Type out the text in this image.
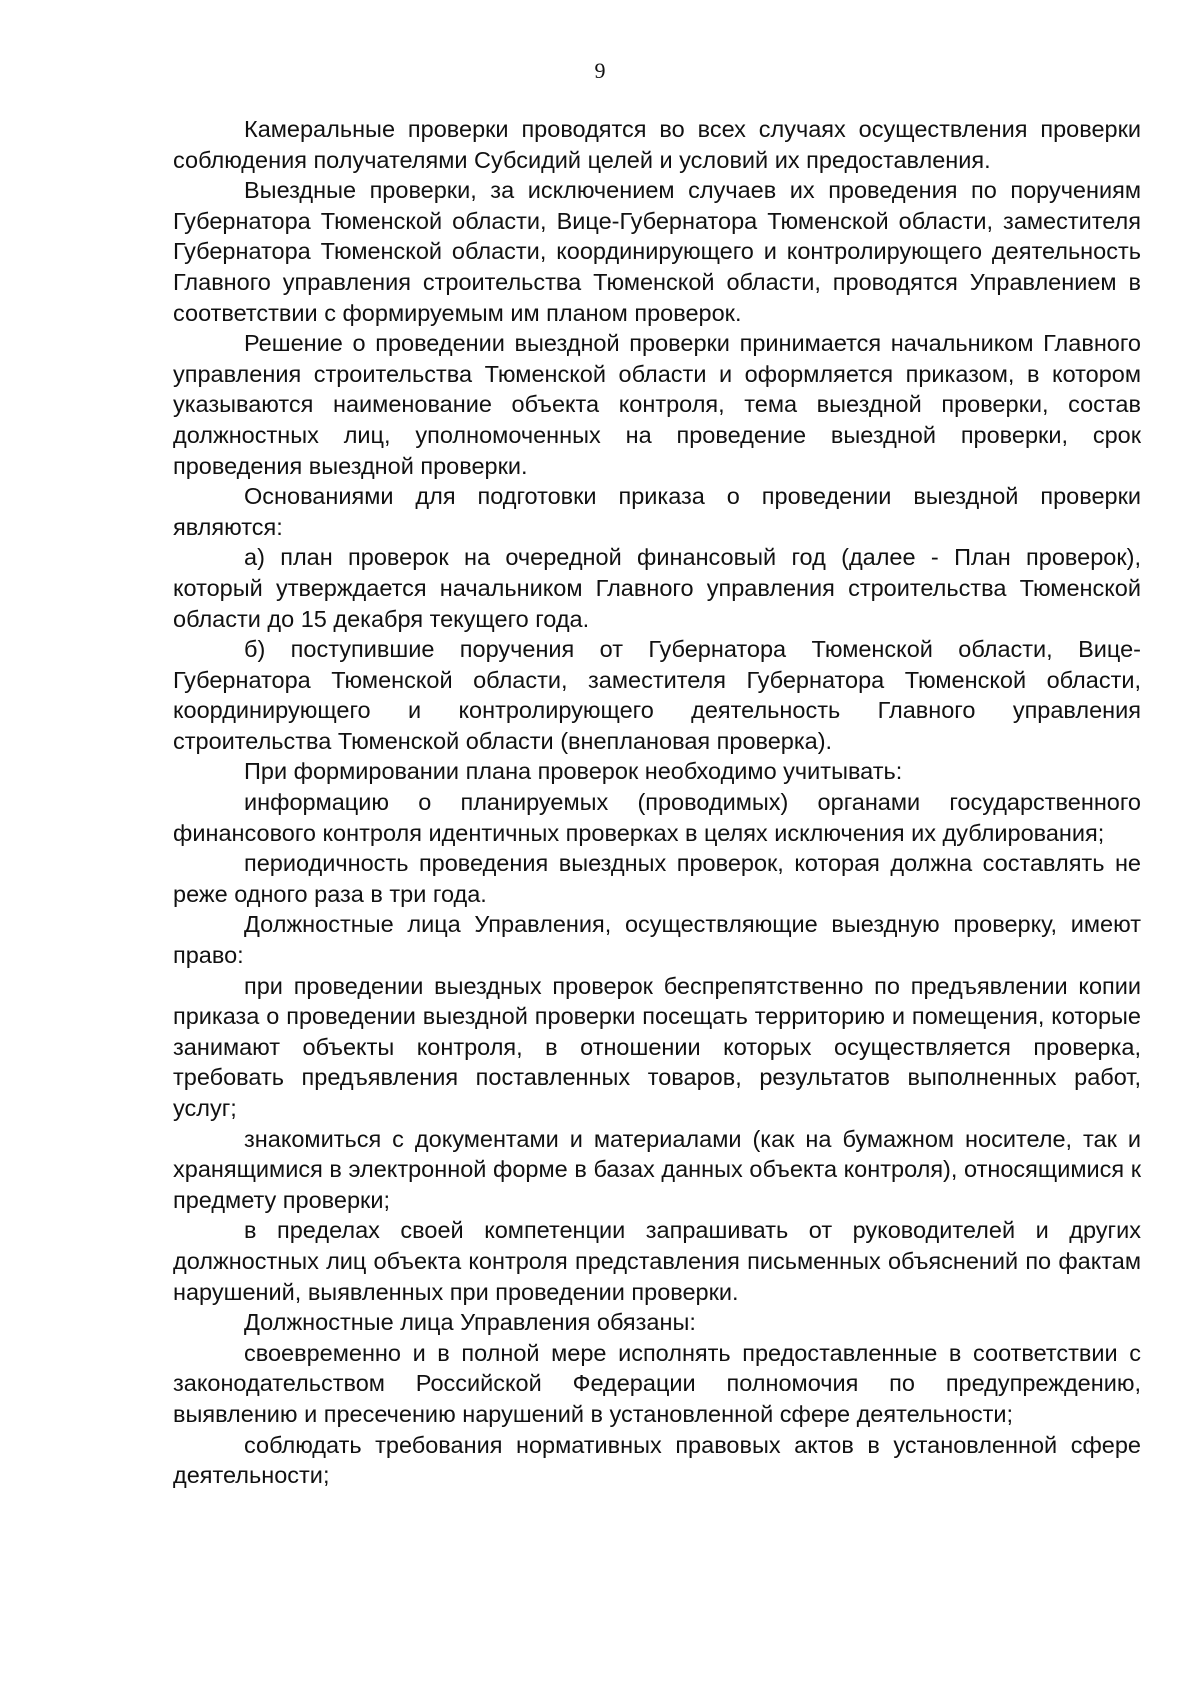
9

Камеральные проверки проводятся во всех случаях осуществления проверки соблюдения получателями Субсидий целей и условий их предоставления.

Выездные проверки, за исключением случаев их проведения по поручениям Губернатора Тюменской области, Вице-Губернатора Тюменской области, заместителя Губернатора Тюменской области, координирующего и контролирующего деятельность Главного управления строительства Тюменской области, проводятся Управлением в соответствии с формируемым им планом проверок.

Решение о проведении выездной проверки принимается начальником Главного управления строительства Тюменской области и оформляется приказом, в котором указываются наименование объекта контроля, тема выездной проверки, состав должностных лиц, уполномоченных на проведение выездной проверки, срок проведения выездной проверки.

Основаниями для подготовки приказа о проведении выездной проверки являются:

а) план проверок на очередной финансовый год (далее - План проверок), который утверждается начальником Главного управления строительства Тюменской области до 15 декабря текущего года.

б) поступившие поручения от Губернатора Тюменской области, Вице-Губернатора Тюменской области, заместителя Губернатора Тюменской области, координирующего и контролирующего деятельность Главного управления строительства Тюменской области (внеплановая проверка).

При формировании плана проверок необходимо учитывать:

информацию о планируемых (проводимых) органами государственного финансового контроля идентичных проверках в целях исключения их дублирования;

периодичность проведения выездных проверок, которая должна составлять не реже одного раза в три года.

Должностные лица Управления, осуществляющие выездную проверку, имеют право:

при проведении выездных проверок беспрепятственно по предъявлении копии приказа о проведении выездной проверки посещать территорию и помещения, которые занимают объекты контроля, в отношении которых осуществляется проверка, требовать предъявления поставленных товаров, результатов выполненных работ, услуг;

знакомиться с документами и материалами (как на бумажном носителе, так и хранящимися в электронной форме в базах данных объекта контроля), относящимися к предмету проверки;

в пределах своей компетенции запрашивать от руководителей и других должностных лиц объекта контроля представления письменных объяснений по фактам нарушений, выявленных при проведении проверки.

Должностные лица Управления обязаны:

своевременно и в полной мере исполнять предоставленные в соответствии с законодательством Российской Федерации полномочия по предупреждению, выявлению и пресечению нарушений в установленной сфере деятельности;

соблюдать требования нормативных правовых актов в установленной сфере деятельности;
